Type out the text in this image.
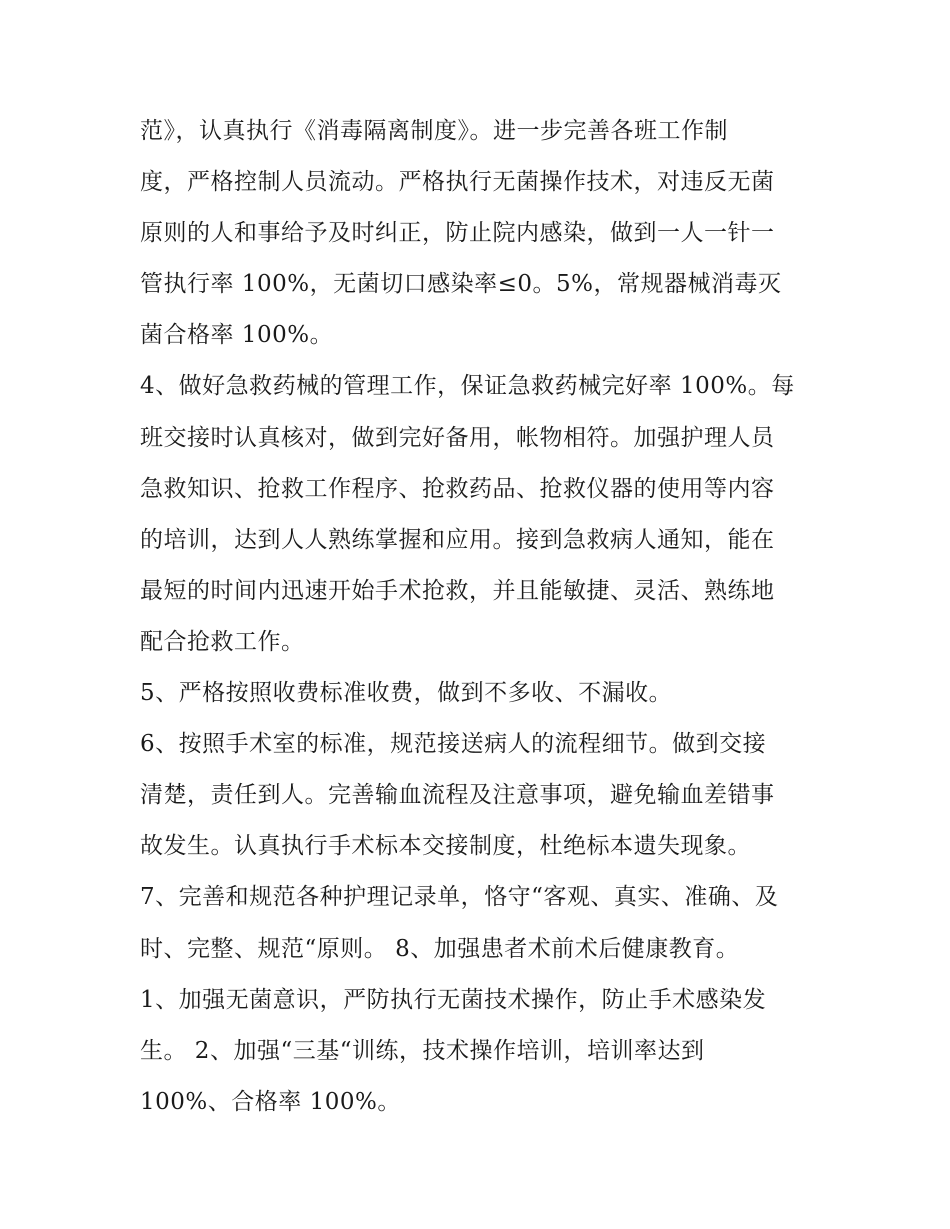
范》，认真执行《消毒隔离制度》。进一步完善各班工作制
度，严格控制人员流动。严格执行无菌操作技术，对违反无菌
原则的人和事给予及时纠正，防止院内感染，做到一人一针一
管执行率 100%，无菌切口感染率≤0。5%，常规器械消毒灭
菌合格率 100%。
4、做好急救药械的管理工作，保证急救药械完好率 100%。每
班交接时认真核对，做到完好备用，帐物相符。加强护理人员
急救知识、抢救工作程序、抢救药品、抢救仪器的使用等内容
的培训，达到人人熟练掌握和应用。接到急救病人通知，能在
最短的时间内迅速开始手术抢救，并且能敏捷、灵活、熟练地
配合抢救工作。
5、严格按照收费标准收费，做到不多收、不漏收。
6、按照手术室的标准，规范接送病人的流程细节。做到交接
清楚，责任到人。完善输血流程及注意事项，避免输血差错事
故发生。认真执行手术标本交接制度，杜绝标本遗失现象。
7、完善和规范各种护理记录单，恪守“客观、真实、准确、及
时、完整、规范“原则。 8、加强患者术前术后健康教育。
1、加强无菌意识，严防执行无菌技术操作，防止手术感染发
生。 2、加强“三基“训练，技术操作培训，培训率达到
100%、合格率 100%。
